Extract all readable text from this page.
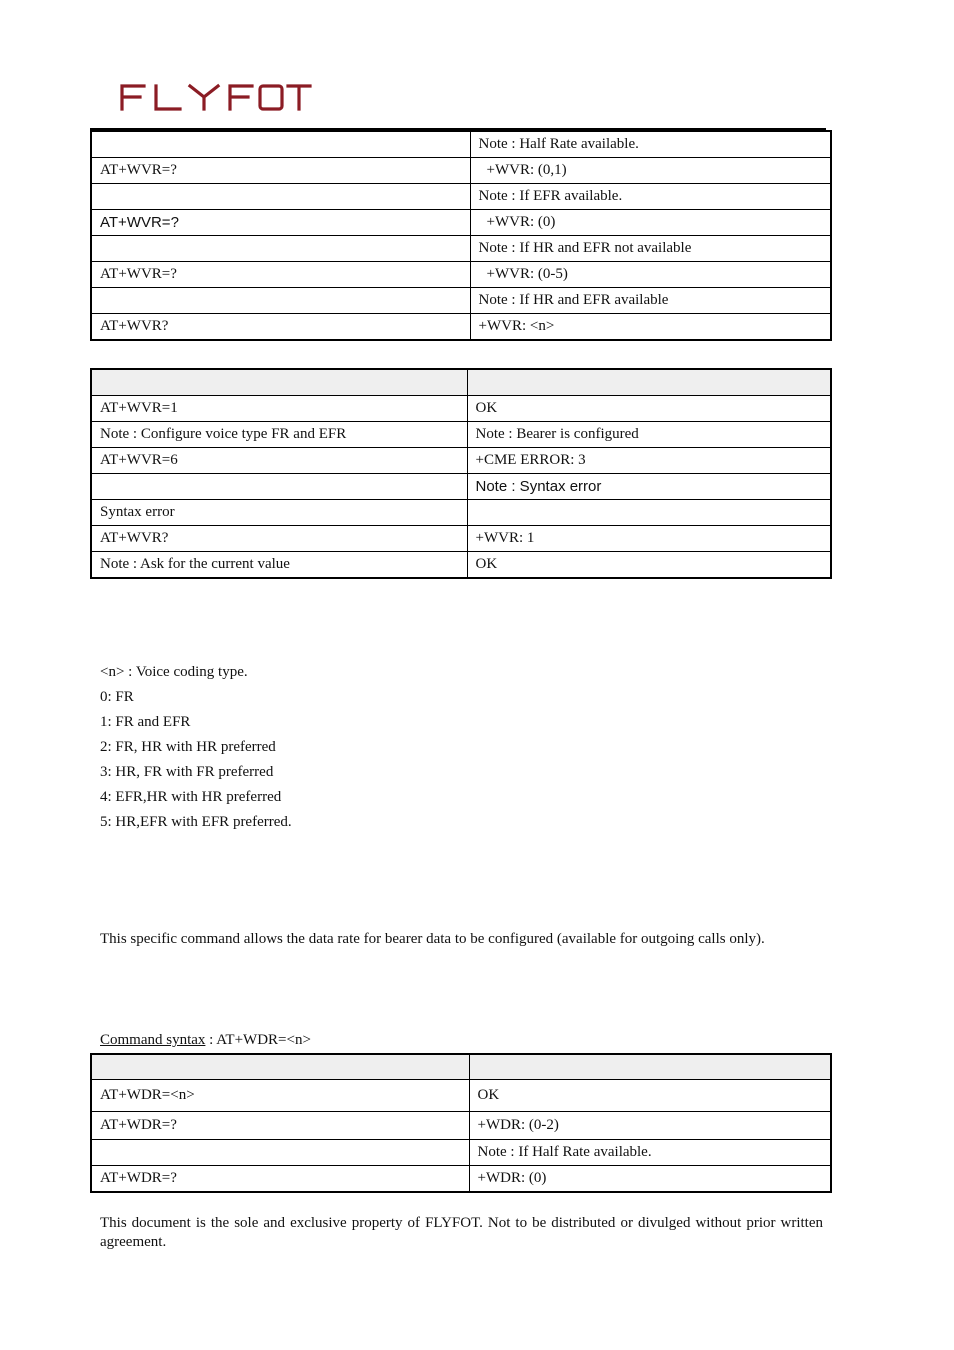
	Note : Half Rate available.
AT+WVR=?	+WVR: (0,1)
	Note : If EFR available.
AT+WVR=?	+WVR: (0)
	Note : If HR and EFR not available
AT+WVR=?	+WVR: (0-5)
	Note : If HR and EFR available
AT+WVR?	+WVR: <n>

AT+WVR=1	OK
Note : Configure voice type FR and EFR	Note : Bearer is configured
AT+WVR=6	+CME ERROR: 3
	Note : Syntax error
Syntax error	
AT+WVR?	+WVR: 1
Note : Ask for the current value	OK
<n> : Voice coding type.
0: FR
1: FR and EFR
2: FR, HR with HR preferred
3: HR, FR with FR preferred
4: EFR,HR with HR preferred
5: HR,EFR with EFR preferred.
This specific command allows the data rate for bearer data to be configured (available for outgoing calls only).
Command syntax : AT+WDR=<n>

AT+WDR=<n>	OK
AT+WDR=?	+WDR: (0-2)
	Note : If Half Rate available.
AT+WDR=?	+WDR: (0)
This document is the sole and exclusive property of FLYFOT. Not to be distributed or divulged without prior written agreement.
